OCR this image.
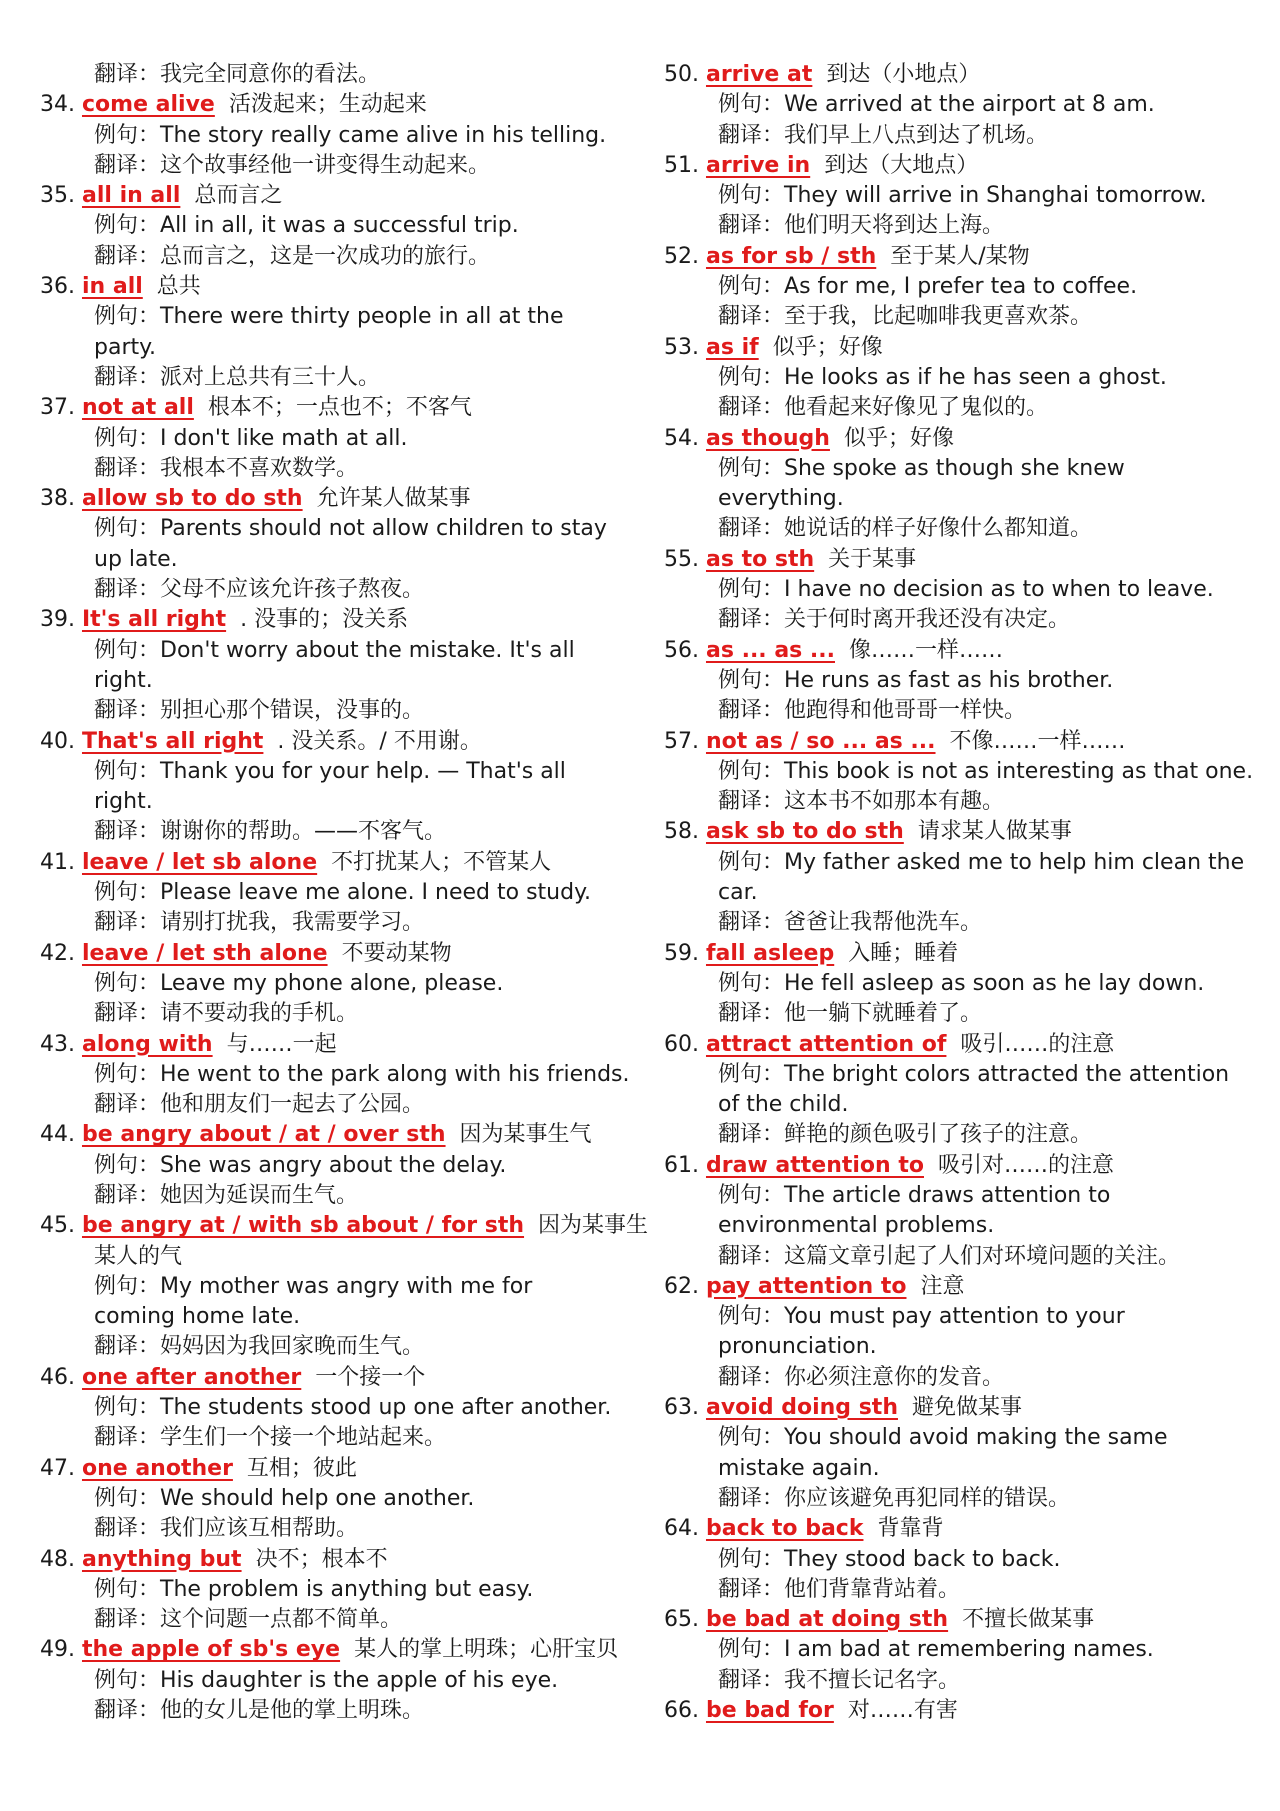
翻译：我完全同意你的看法。
34. come alive 活泼起来；生动起来
例句：The story really came alive in his telling.
翻译：这个故事经他一讲变得生动起来。
35. all in all 总而言之
例句：All in all, it was a successful trip.
翻译：总而言之，这是一次成功的旅行。
36. in all 总共
例句：There were thirty people in all at the
party.
翻译：派对上总共有三十人。
37. not at all 根本不；一点也不；不客气
例句：I don't like math at all.
翻译：我根本不喜欢数学。
38. allow sb to do sth 允许某人做某事
例句：Parents should not allow children to stay
up late.
翻译：父母不应该允许孩子熬夜。
39. It's all right . 没事的；没关系
例句：Don't worry about the mistake. It's all
right.
翻译：别担心那个错误，没事的。
40. That's all right . 没关系。/ 不用谢。
例句：Thank you for your help. — That's all
right.
翻译：谢谢你的帮助。——不客气。
41. leave / let sb alone 不打扰某人；不管某人
例句：Please leave me alone. I need to study.
翻译：请别打扰我，我需要学习。
42. leave / let sth alone 不要动某物
例句：Leave my phone alone, please.
翻译：请不要动我的手机。
43. along with 与……一起
例句：He went to the park along with his friends.
翻译：他和朋友们一起去了公园。
44. be angry about / at / over sth 因为某事生气
例句：She was angry about the delay.
翻译：她因为延误而生气。
45. be angry at / with sb about / for sth 因为某事生
某人的气
例句：My mother was angry with me for
coming home late.
翻译：妈妈因为我回家晚而生气。
46. one after another 一个接一个
例句：The students stood up one after another.
翻译：学生们一个接一个地站起来。
47. one another 互相；彼此
例句：We should help one another.
翻译：我们应该互相帮助。
48. anything but 决不；根本不
例句：The problem is anything but easy.
翻译：这个问题一点都不简单。
49. the apple of sb's eye 某人的掌上明珠；心肝宝贝
例句：His daughter is the apple of his eye.
翻译：他的女儿是他的掌上明珠。
50. arrive at 到达（小地点）
例句：We arrived at the airport at 8 am.
翻译：我们早上八点到达了机场。
51. arrive in 到达（大地点）
例句：They will arrive in Shanghai tomorrow.
翻译：他们明天将到达上海。
52. as for sb / sth 至于某人/某物
例句：As for me, I prefer tea to coffee.
翻译：至于我，比起咖啡我更喜欢茶。
53. as if 似乎；好像
例句：He looks as if he has seen a ghost.
翻译：他看起来好像见了鬼似的。
54. as though 似乎；好像
例句：She spoke as though she knew
everything.
翻译：她说话的样子好像什么都知道。
55. as to sth 关于某事
例句：I have no decision as to when to leave.
翻译：关于何时离开我还没有决定。
56. as ... as ... 像……一样……
例句：He runs as fast as his brother.
翻译：他跑得和他哥哥一样快。
57. not as / so ... as ... 不像……一样……
例句：This book is not as interesting as that one.
翻译：这本书不如那本有趣。
58. ask sb to do sth 请求某人做某事
例句：My father asked me to help him clean the
car.
翻译：爸爸让我帮他洗车。
59. fall asleep 入睡；睡着
例句：He fell asleep as soon as he lay down.
翻译：他一躺下就睡着了。
60. attract attention of 吸引……的注意
例句：The bright colors attracted the attention
of the child.
翻译：鲜艳的颜色吸引了孩子的注意。
61. draw attention to 吸引对……的注意
例句：The article draws attention to
environmental problems.
翻译：这篇文章引起了人们对环境问题的关注。
62. pay attention to 注意
例句：You must pay attention to your
pronunciation.
翻译：你必须注意你的发音。
63. avoid doing sth 避免做某事
例句：You should avoid making the same
mistake again.
翻译：你应该避免再犯同样的错误。
64. back to back 背靠背
例句：They stood back to back.
翻译：他们背靠背站着。
65. be bad at doing sth 不擅长做某事
例句：I am bad at remembering names.
翻译：我不擅长记名字。
66. be bad for 对……有害
